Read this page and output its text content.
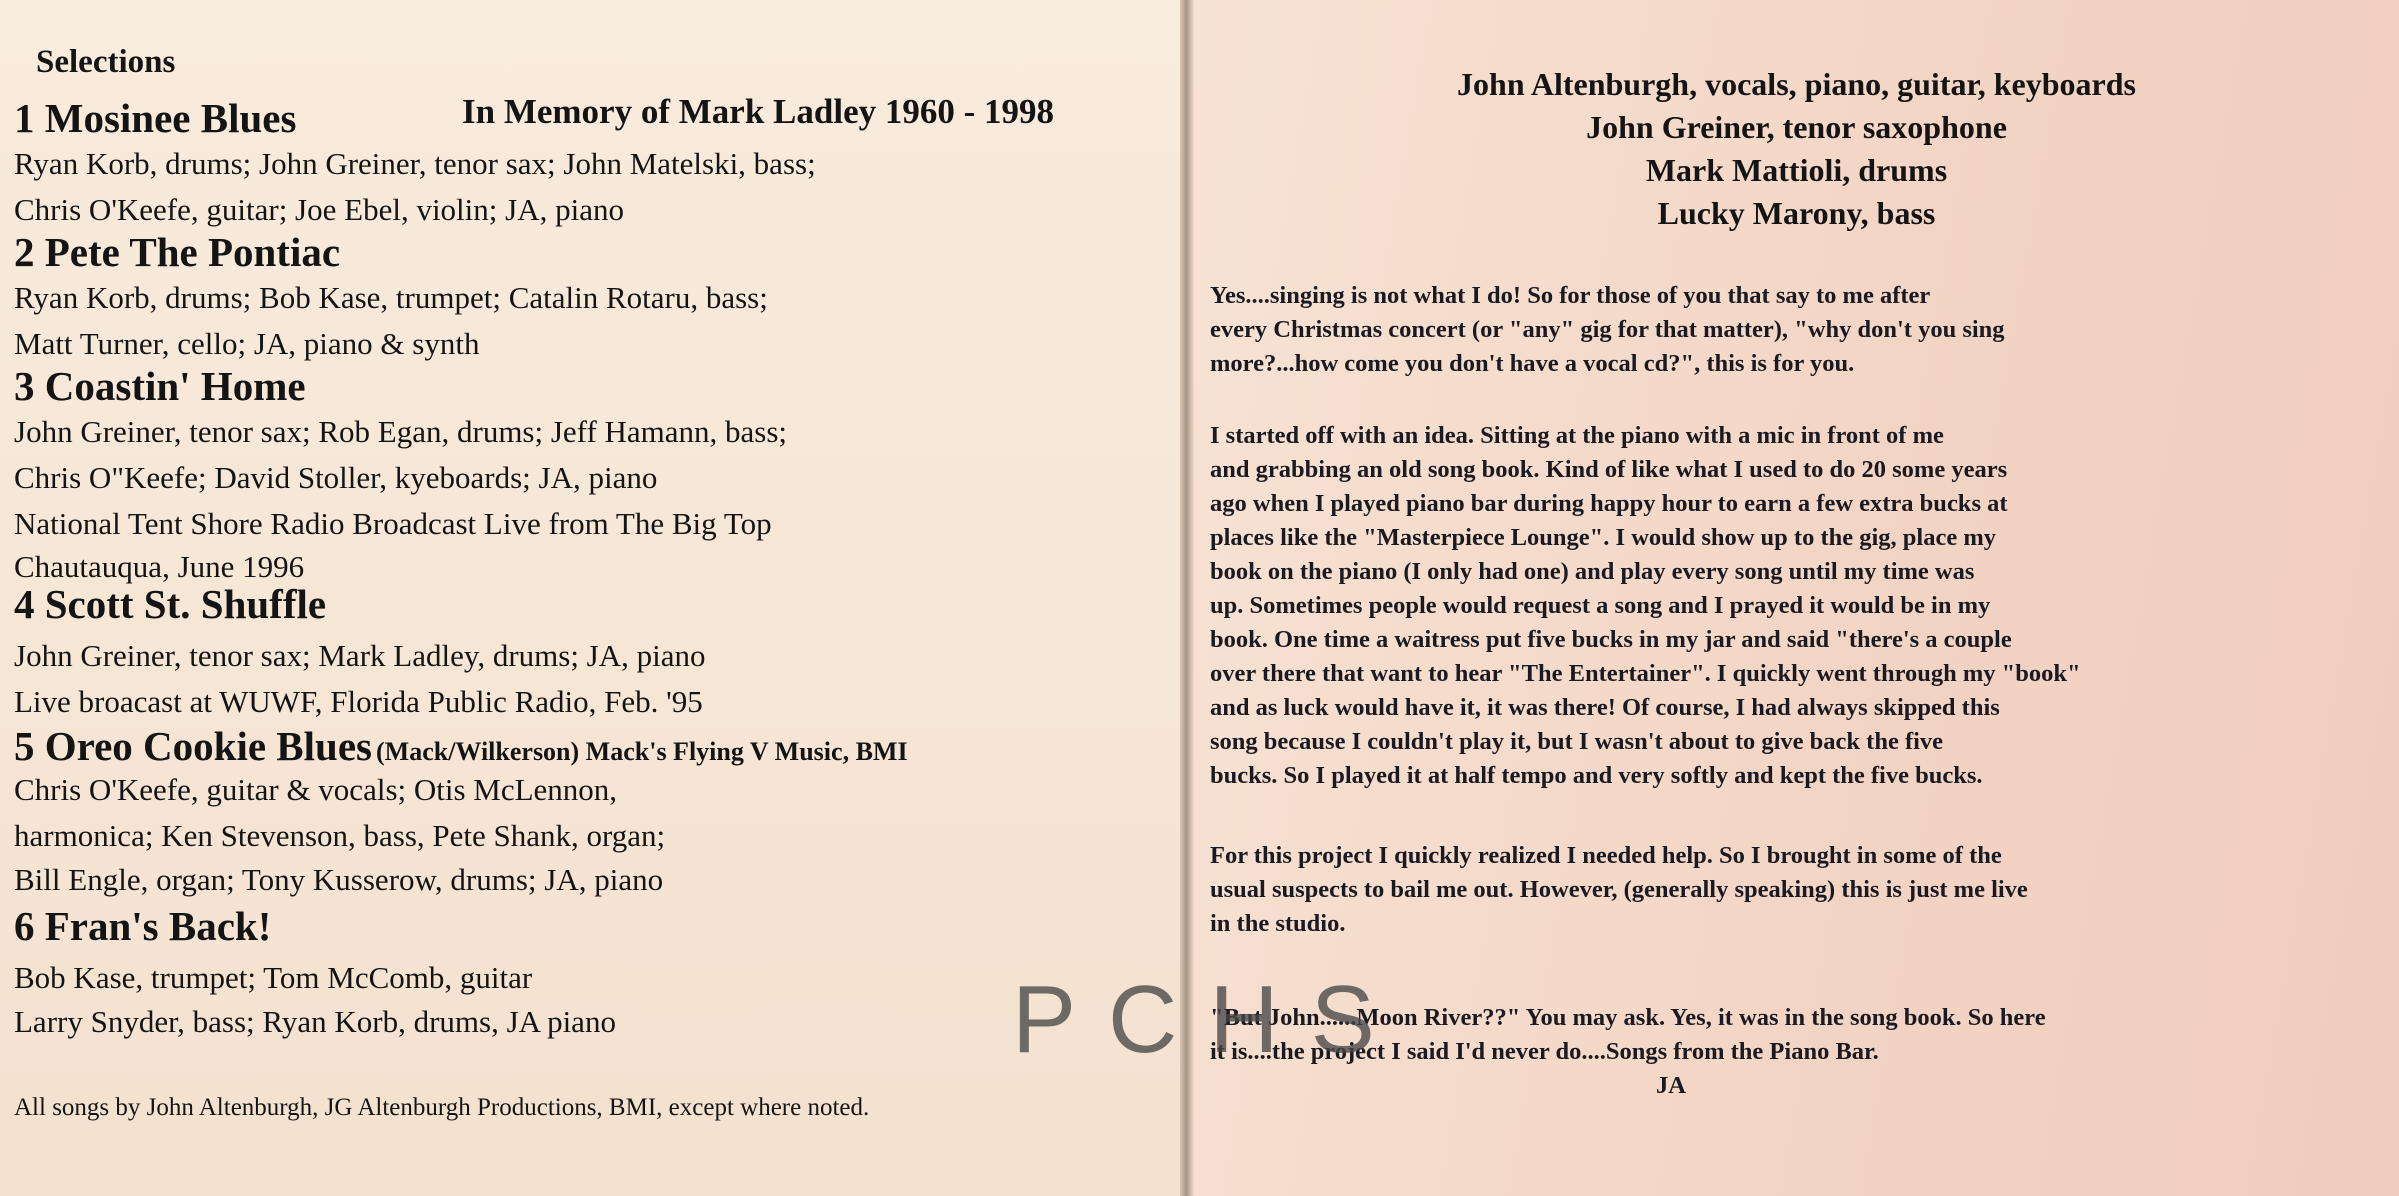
Selections
In Memory of Mark Ladley 1960 - 1998
1 Mosinee Blues
Ryan Korb, drums; John Greiner, tenor sax; John Matelski, bass;
Chris O'Keefe, guitar; Joe Ebel, violin; JA, piano
2 Pete The Pontiac
Ryan Korb, drums; Bob Kase, trumpet; Catalin Rotaru, bass;
Matt Turner, cello; JA, piano & synth
3 Coastin' Home
John Greiner, tenor sax; Rob Egan, drums; Jeff Hamann, bass;
Chris O"Keefe; David Stoller, kyeboards; JA, piano
National Tent Shore Radio Broadcast Live from The Big Top
Chautauqua, June 1996
4 Scott St. Shuffle
John Greiner, tenor sax; Mark Ladley, drums; JA, piano
Live broacast at WUWF, Florida Public Radio, Feb. '95
5 Oreo Cookie Blues (Mack/Wilkerson) Mack's Flying V Music, BMI
Chris O'Keefe, guitar & vocals; Otis McLennon,
harmonica; Ken Stevenson, bass, Pete Shank, organ;
Bill Engle, organ; Tony Kusserow, drums; JA, piano
6 Fran's Back!
Bob Kase, trumpet; Tom McComb, guitar
Larry Snyder, bass; Ryan Korb, drums, JA piano
All songs by John Altenburgh, JG Altenburgh Productions, BMI, except where noted.
John Altenburgh, vocals, piano, guitar, keyboards
John Greiner, tenor saxophone
Mark Mattioli, drums
Lucky Marony, bass
Yes....singing is not what I do! So for those of you that say to me after
every Christmas concert (or "any" gig for that matter), "why don't you sing
more?...how come you don't have a vocal cd?", this is for you.
I started off with an idea. Sitting at the piano with a mic in front of me
and grabbing an old song book. Kind of like what I used to do 20 some years
ago when I played piano bar during happy hour to earn a few extra bucks at
places like the "Masterpiece Lounge". I would show up to the gig, place my
book on the piano (I only had one) and play every song until my time was
up. Sometimes people would request a song and I prayed it would be in my
book. One time a waitress put five bucks in my jar and said "there's a couple
over there that want to hear "The Entertainer". I quickly went through my "book"
and as luck would have it, it was there! Of course, I had always skipped this
song because I couldn't play it, but I wasn't about to give back the five
bucks. So I played it at half tempo and very softly and kept the five bucks.
For this project I quickly realized I needed help. So I brought in some of the
usual suspects to bail me out. However, (generally speaking) this is just me live
in the studio.
"But John......Moon River??" You may ask. Yes, it was in the song book. So here
it is....the project I said I'd never do....Songs from the Piano Bar.
JA
PCHS
